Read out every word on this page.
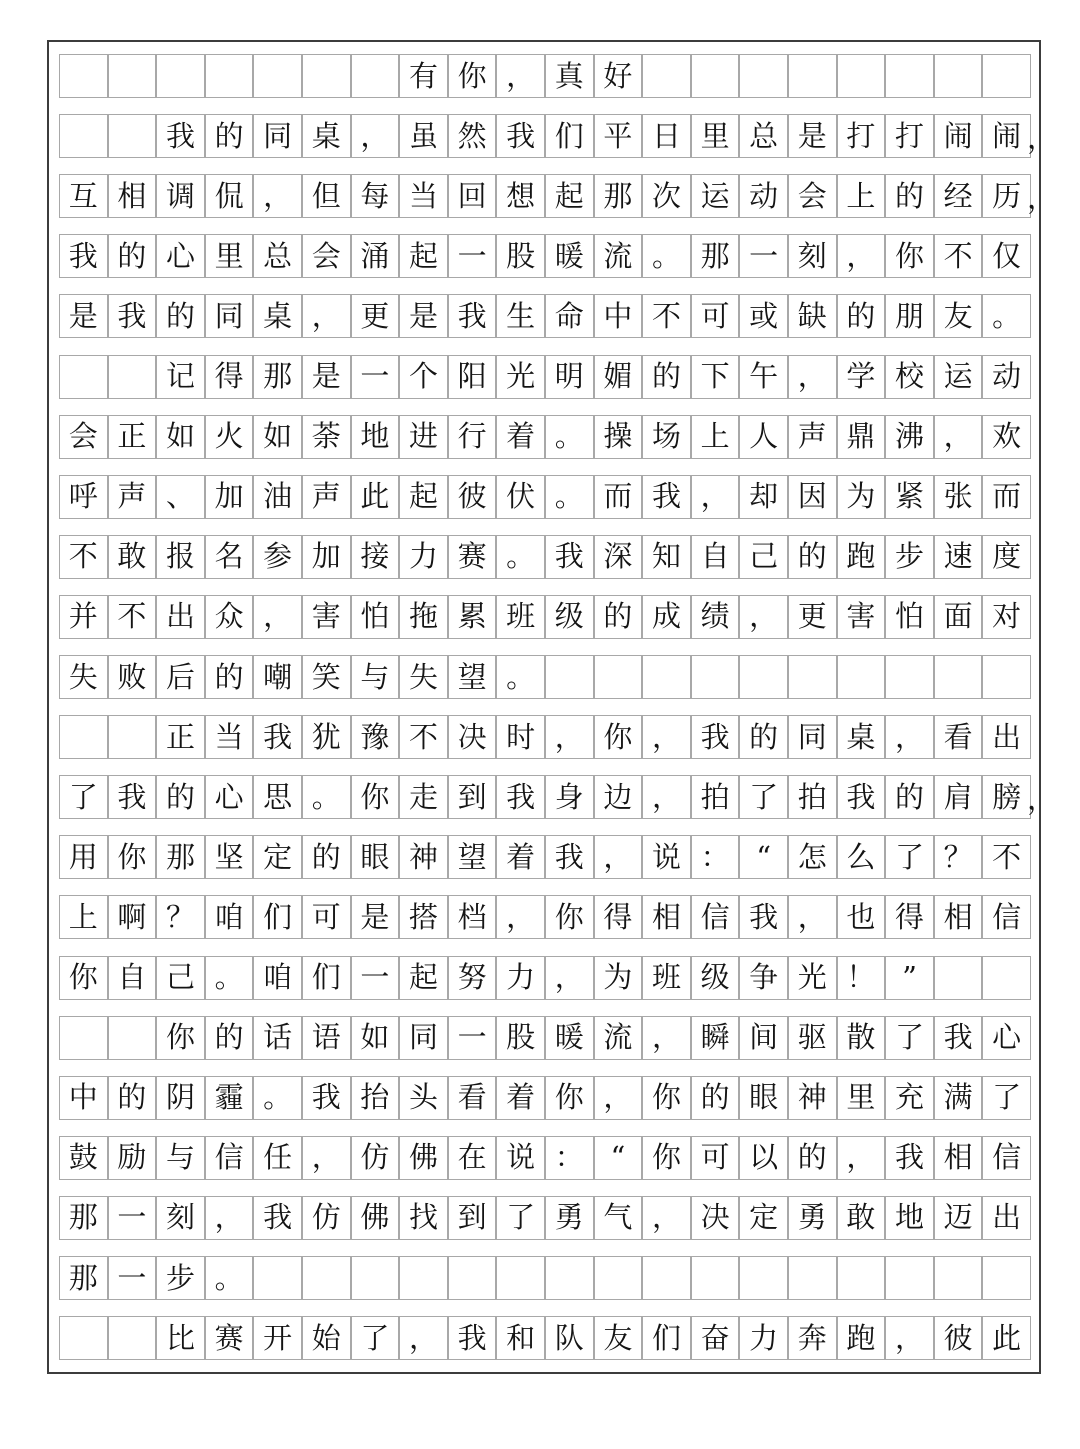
有 你 ， 真 好
我 的 同 桌 ， 虽 然 我 们 平 日 里 总 是 打 打 闹 闹 ，
互 相 调 侃 ， 但 每 当 回 想 起 那 次 运 动 会 上 的 经 历 ，
我 的 心 里 总 会 涌 起 一 股 暖 流 。 那 一 刻 ， 你 不 仅
是 我 的 同 桌 ， 更 是 我 生 命 中 不 可 或 缺 的 朋 友 。
记 得 那 是 一 个 阳 光 明 媚 的 下 午 ， 学 校 运 动
会 正 如 火 如 荼 地 进 行 着 。 操 场 上 人 声 鼎 沸 ， 欢
呼 声 、 加 油 声 此 起 彼 伏 。 而 我 ， 却 因 为 紧 张 而
不 敢 报 名 参 加 接 力 赛 。 我 深 知 自 己 的 跑 步 速 度
并 不 出 众 ， 害 怕 拖 累 班 级 的 成 绩 ， 更 害 怕 面 对
失 败 后 的 嘲 笑 与 失 望 。
正 当 我 犹 豫 不 决 时 ， 你 ， 我 的 同 桌 ， 看 出
了 我 的 心 思 。 你 走 到 我 身 边 ， 拍 了 拍 我 的 肩 膀 ，
用 你 那 坚 定 的 眼 神 望 着 我 ， 说 ： “ 怎 么 了 ？ 不
上 啊 ？ 咱 们 可 是 搭 档 ， 你 得 相 信 我 ， 也 得 相 信
你 自 己 。 咱 们 一 起 努 力 ， 为 班 级 争 光 ！ ”
你 的 话 语 如 同 一 股 暖 流 ， 瞬 间 驱 散 了 我 心
中 的 阴 霾 。 我 抬 头 看 着 你 ， 你 的 眼 神 里 充 满 了
鼓 励 与 信 任 ， 仿 佛 在 说 ： “ 你 可 以 的 ， 我 相 信
那 一 刻 ， 我 仿 佛 找 到 了 勇 气 ， 决 定 勇 敢 地 迈 出
那 一 步 。
比 赛 开 始 了 ， 我 和 队 友 们 奋 力 奔 跑 ， 彼 此
